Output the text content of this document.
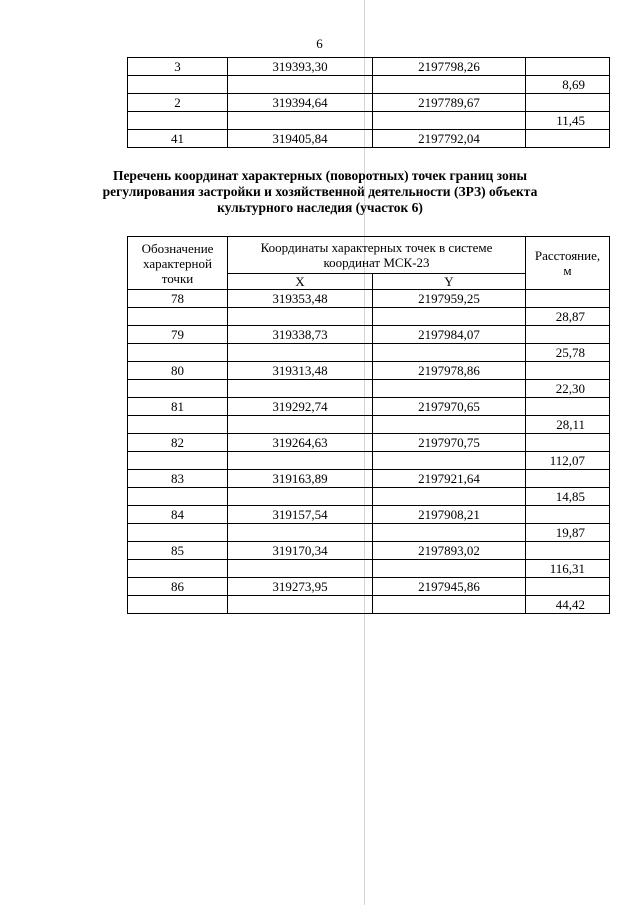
6
3	319393,30	2197798,26	
			8,69
2	319394,64	2197789,67	
			11,45
41	319405,84	2197792,04	
Перечень координат характерных (поворотных) точек границ зоны
регулирования застройки и хозяйственной деятельности (ЗРЗ) объекта
культурного наследия (участок 6)
Обозначение характерной точки	Координаты характерных точек в системе координат МСК-23		Расстояние, м
	X	Y	
78	319353,48	2197959,25	
			28,87
79	319338,73	2197984,07	
			25,78
80	319313,48	2197978,86	
			22,30
81	319292,74	2197970,65	
			28,11
82	319264,63	2197970,75	
			112,07
83	319163,89	2197921,64	
			14,85
84	319157,54	2197908,21	
			19,87
85	319170,34	2197893,02	
			116,31
86	319273,95	2197945,86	
			44,42
